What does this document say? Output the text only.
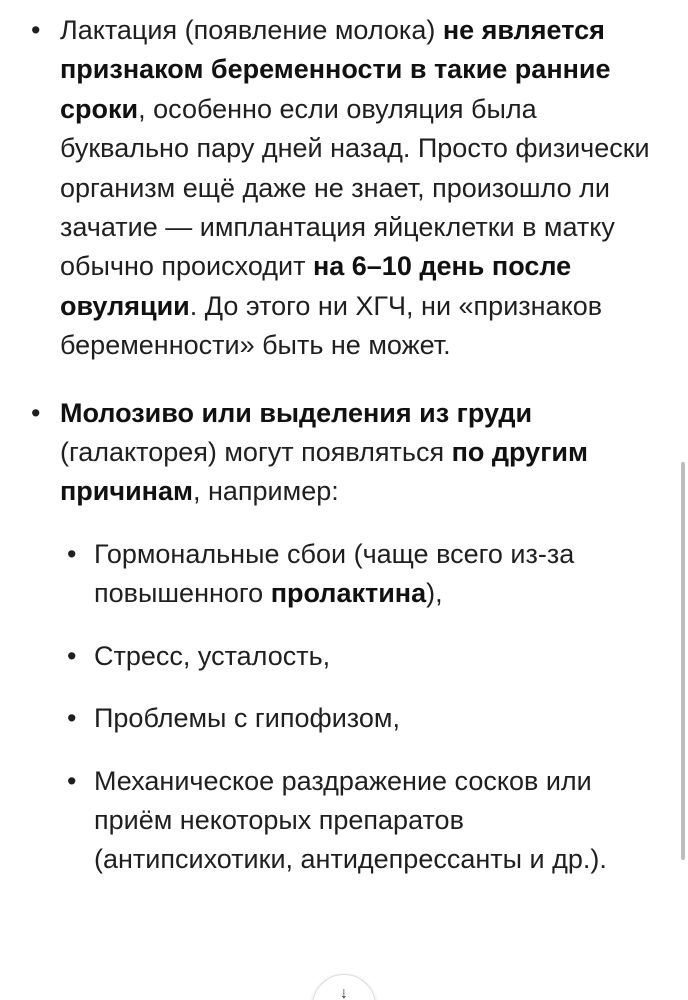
• Лактация (появление молока) не является признаком беременности в такие ранние сроки, особенно если овуляция была буквально пару дней назад. Просто физически организм ещё даже не знает, произошло ли зачатие — имплантация яйцеклетки в матку обычно происходит на 6–10 день после овуляции. До этого ни ХГЧ, ни «признаков беременности» быть не может.
• Молозиво или выделения из груди (галакторея) могут появляться по другим причинам, например:
• Гормональные сбои (чаще всего из-за повышенного пролактина),
• Стресс, усталость,
• Проблемы с гипофизом,
• Механическое раздражение сосков или приём некоторых препаратов (антипсихотики, антидепрессанты и др.).
↓
